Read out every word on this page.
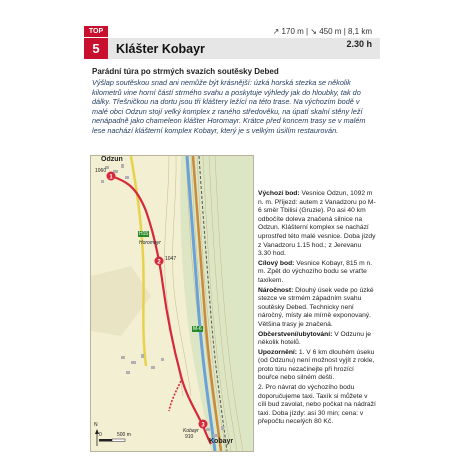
TOP
5	Klášter Kobayr
↗ 170 m | ↘ 450 m | 8,1 km
2.30 h
Parádní túra po strmých svazích soutěsky Debed

Výšlap soutěskou snad ani nemůže být krásnější: úzká horská stezka se několik kilometrů vine horní částí strmého svahu a poskytuje výhledy jak do hloubky, tak do dálky. Třešničkou na dortu jsou tři kláštery ležící na této trase. Na výchozím bodě v malé obci Odzun stojí velký komplex z raného středověku, na úpatí skalní stěny leží nenápadně jako chameleon klášter Horomayr. Krátce před koncem trasy se v malém lese nachází klášterní komplex Kobayr, který je s velkým úsilím restaurován.

1
2
3
Odzun
1060
Horomayr
1047
H15
M-6
Kobayr
910
Kobayr
0	500 m
N

Výchozí bod: Vesnice Odzun, 1092 m n. m. Příjezd: autem z Vanadzoru po M-6 směr Tbilisi (Gruzie). Po asi 40 km odbočíte doleva značená silnice na Odzun. Klášterní komplex se nachází uprostřed této malé vesnice. Doba jízdy z Vanadzoru 1.15 hod.; z Jerevanu 3.30 hod.

Cílový bod: Vesnice Kobayr, 815 m n. m. Zpět do výchozího bodu se vraťte taxíkem.

Náročnost: Dlouhý úsek vede po úzké stezce ve strmém západním svahu soutěsky Debed. Technicky není náročný, místy ale mírně exponovaný. Většina trasy je značená.

Občerstvení/ubytování: V Odzunu je několik hotelů.

Upozornění: 1. V 6 km dlouhém úseku (od Odzunu) není možnost vyjít z rokle, proto túru nezačínejte při hrozící bouřce nebo silném dešti.

2. Pro návrat do výchozího bodu doporučujeme taxi. Taxík si můžete v cíli bud zavolat, nebo počkat na nádraží taxi. Doba jízdy: asi 30 min; cena: v přepočtu necelých 80 Kč.
